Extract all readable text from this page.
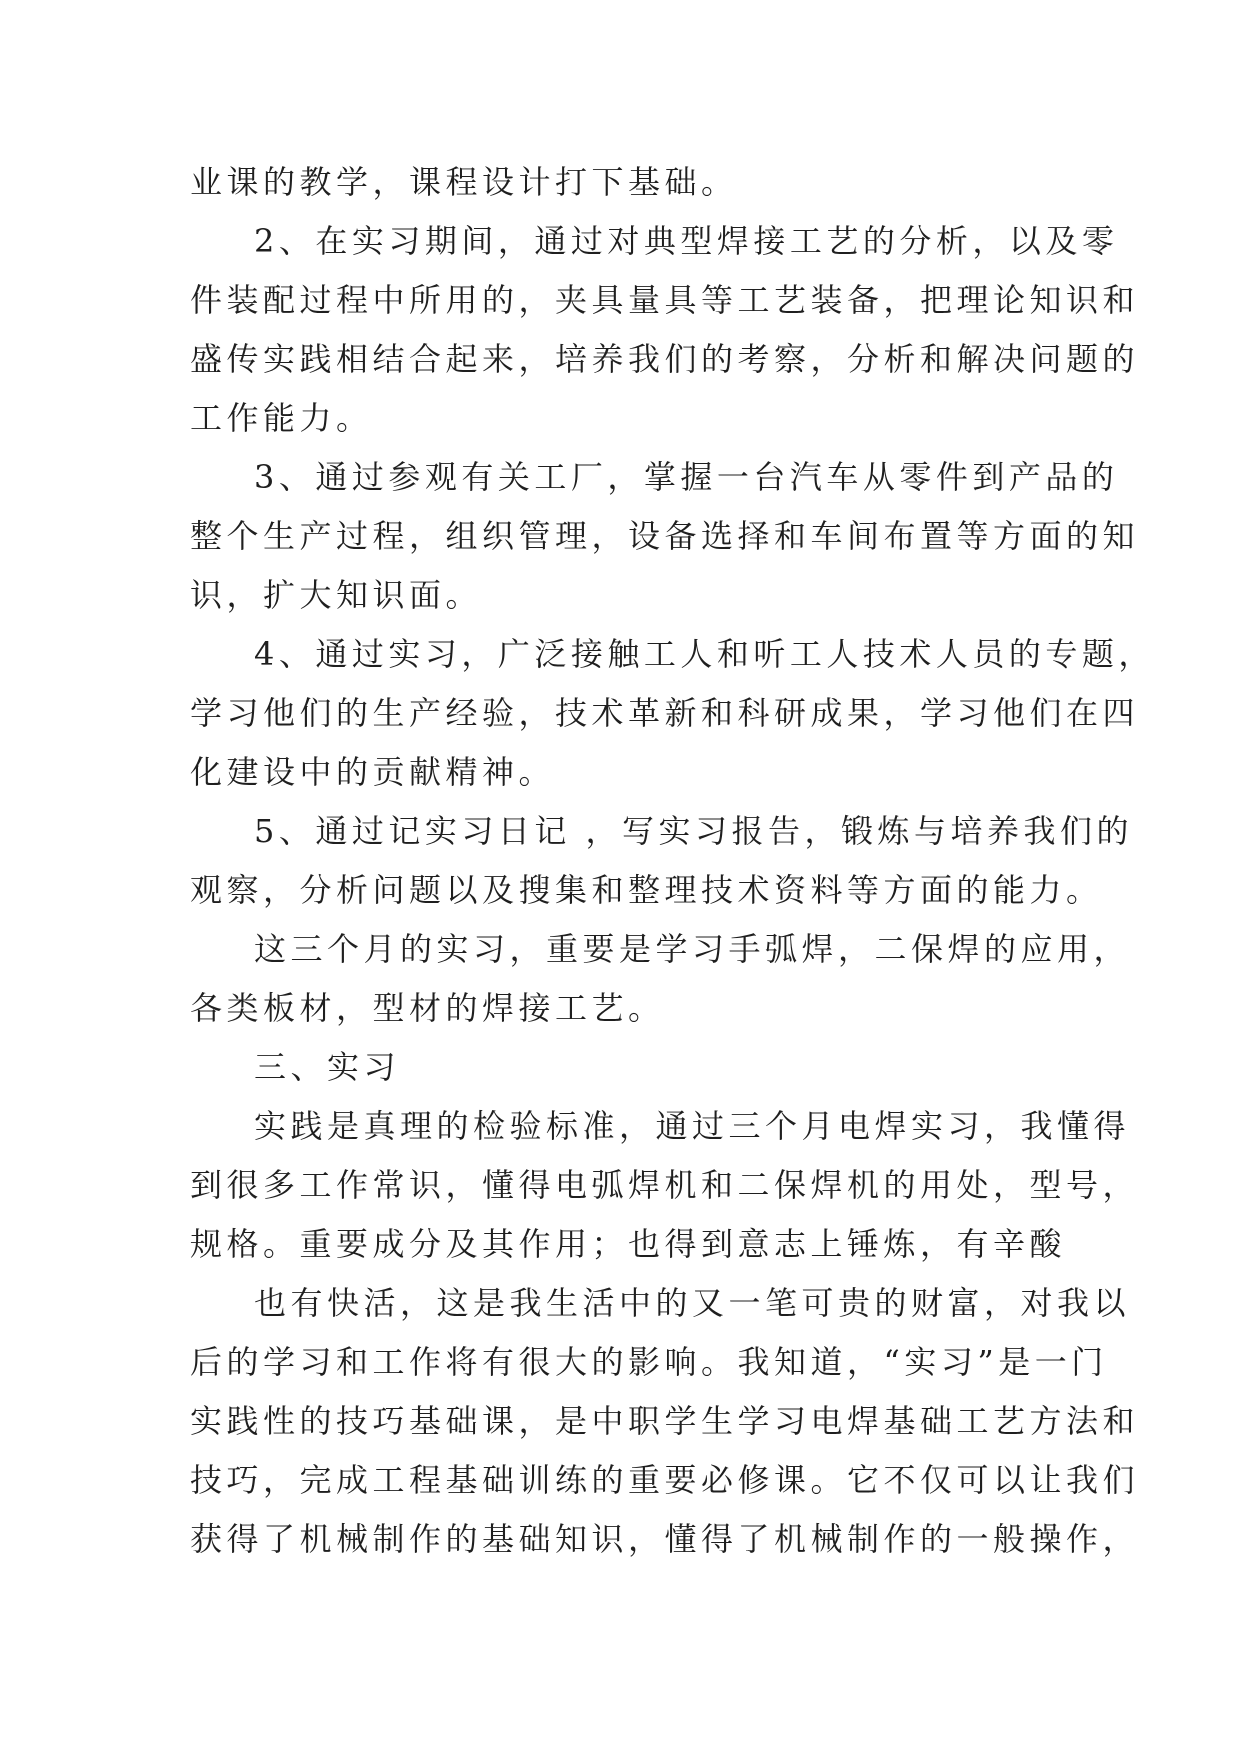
业课的教学，课程设计打下基础。
2、在实习期间，通过对典型焊接工艺的分析，以及零
件装配过程中所用的，夹具量具等工艺装备，把理论知识和
盛传实践相结合起来，培养我们的考察，分析和解决问题的
工作能力。
3、通过参观有关工厂，掌握一台汽车从零件到产品的
整个生产过程，组织管理，设备选择和车间布置等方面的知
识，扩大知识面。
4、通过实习，广泛接触工人和听工人技术人员的专题，
学习他们的生产经验，技术革新和科研成果，学习他们在四
化建设中的贡献精神。
5、通过记实习日记 ，写实习报告，锻炼与培养我们的
观察，分析问题以及搜集和整理技术资料等方面的能力。
这三个月的实习，重要是学习手弧焊，二保焊的应用，
各类板材，型材的焊接工艺。
三、实习
实践是真理的检验标准，通过三个月电焊实习，我懂得
到很多工作常识，懂得电弧焊机和二保焊机的用处，型号，
规格。重要成分及其作用；也得到意志上锤炼，有辛酸
也有快活，这是我生活中的又一笔可贵的财富，对我以
后的学习和工作将有很大的影响。我知道，“实习”是一门
实践性的技巧基础课，是中职学生学习电焊基础工艺方法和
技巧，完成工程基础训练的重要必修课。它不仅可以让我们
获得了机械制作的基础知识，懂得了机械制作的一般操作，
